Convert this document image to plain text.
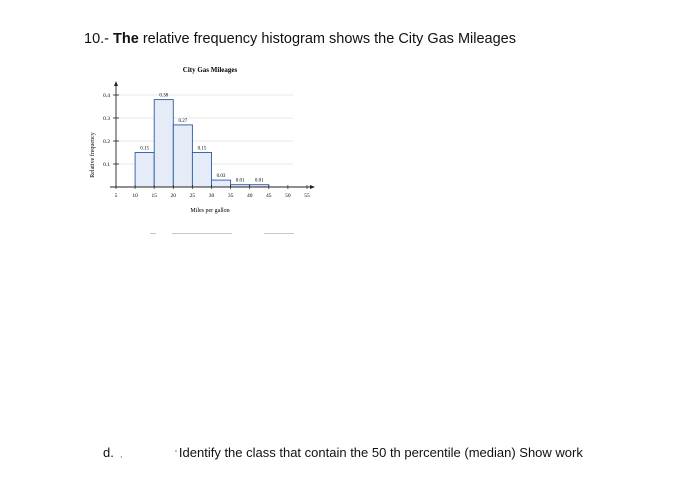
10.- The relative frequency histogram shows the City Gas Mileages
City Gas Mileages
Relative frequency
Miles per gallon
0.1
0.2
0.3
0.4
5	10 15 20 25 30 35 40 45 50 55
0.15
0.38
0.27
0.15
0.03
0.01 0.01
d. ,	' Identify the class that contain the 50 th percentile (median) Show work
